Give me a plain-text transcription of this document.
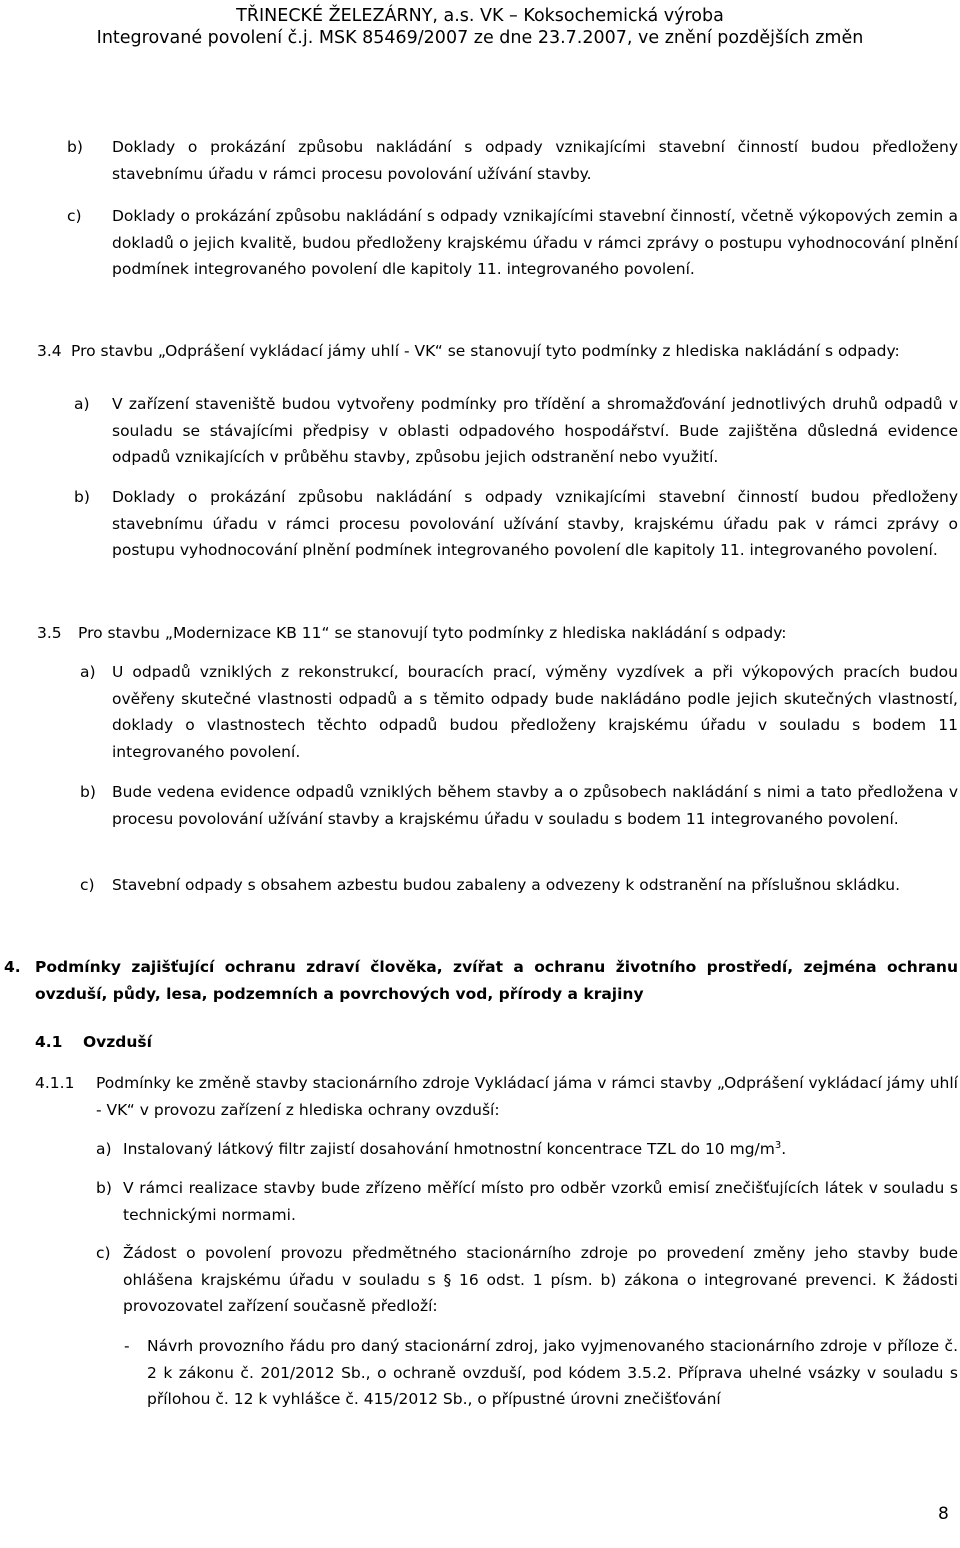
TŘINECKÉ ŽELEZÁRNY, a.s. VK – Koksochemická výroba
Integrované povolení č.j. MSK 85469/2007 ze dne 23.7.2007, ve znění pozdějších změn
b) Doklady o prokázání způsobu nakládání s odpady vznikajícími stavební činností budou předloženy stavebnímu úřadu v rámci procesu povolování užívání stavby.
c) Doklady o prokázání způsobu nakládání s odpady vznikajícími stavební činností, včetně výkopových zemin a dokladů o jejich kvalitě, budou předloženy krajskému úřadu v rámci zprávy o postupu vyhodnocování plnění podmínek integrovaného povolení dle kapitoly 11. integrovaného povolení.
3.4 Pro stavbu „Odprášení vykládací jámy uhlí - VK“ se stanovují tyto podmínky z hlediska nakládání s odpady:
a) V zařízení staveniště budou vytvořeny podmínky pro třídění a shromažďování jednotlivých druhů odpadů v souladu se stávajícími předpisy v oblasti odpadového hospodářství. Bude zajištěna důsledná evidence odpadů vznikajících v průběhu stavby, způsobu jejich odstranění nebo využití.
b) Doklady o prokázání způsobu nakládání s odpady vznikajícími stavební činností budou předloženy stavebnímu úřadu v rámci procesu povolování užívání stavby, krajskému úřadu pak v rámci zprávy o postupu vyhodnocování plnění podmínek integrovaného povolení dle kapitoly 11. integrovaného povolení.
3.5 Pro stavbu „Modernizace KB 11“ se stanovují tyto podmínky z hlediska nakládání s odpady:
a) U odpadů vzniklých z rekonstrukcí, bouracích prací, výměny vyzdívek a při výkopových pracích budou ověřeny skutečné vlastnosti odpadů a s těmito odpady bude nakládáno podle jejich skutečných vlastností, doklady o vlastnostech těchto odpadů budou předloženy krajskému úřadu v souladu s bodem 11 integrovaného povolení.
b) Bude vedena evidence odpadů vzniklých během stavby a o způsobech nakládání s nimi a tato předložena v procesu povolování užívání stavby a krajskému úřadu v souladu s bodem 11 integrovaného povolení.
c) Stavební odpady s obsahem azbestu budou zabaleny a odvezeny k odstranění na příslušnou skládku.
4. Podmínky zajišťující ochranu zdraví člověka, zvířat a ochranu životního prostředí, zejména ochranu ovzduší, půdy, lesa, podzemních a povrchových vod, přírody a krajiny
4.1 Ovzduší
4.1.1 Podmínky ke změně stavby stacionárního zdroje Vykládací jáma v rámci stavby „Odprášení vykládací jámy uhlí - VK“ v provozu zařízení z hlediska ochrany ovzduší:
a) Instalovaný látkový filtr zajistí dosahování hmotnostní koncentrace TZL do 10 $mg/m^3$.
b) V rámci realizace stavby bude zřízeno měřící místo pro odběr vzorků emisí znečišťujících látek v souladu s technickými normami.
c) Žádost o povolení provozu předmětného stacionárního zdroje po provedení změny jeho stavby bude ohlášena krajskému úřadu v souladu s § 16 odst. 1 písm. b) zákona o integrované prevenci. K žádosti provozovatel zařízení současně předloží:
- Návrh provozního řádu pro daný stacionární zdroj, jako vyjmenovaného stacionárního zdroje v příloze č. 2 k zákonu č. 201/2012 Sb., o ochraně ovzduší, pod kódem 3.5.2. Příprava uhelné vsázky v souladu s přílohou č. 12 k vyhlášce č. 415/2012 Sb., o přípustné úrovni znečišťování
8
